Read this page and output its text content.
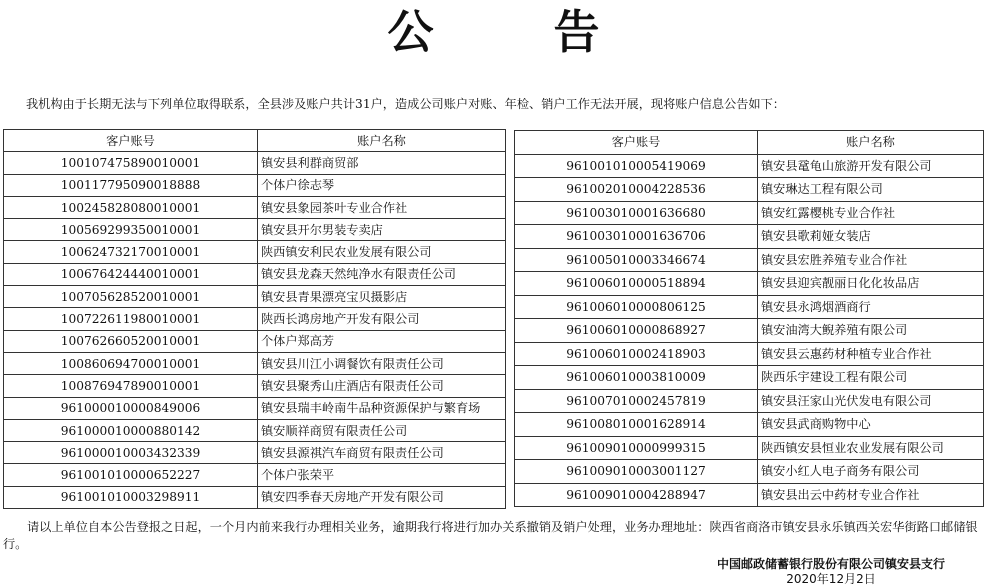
公 告
我机构由于长期无法与下列单位取得联系，全县涉及账户共计31户，造成公司账户对账、年检、销户工作无法开展，现将账户信息公告如下：
客户账号	账户名称
100107475890010001	镇安县利群商贸部
100117795090018888	个体户徐志琴
100245828080010001	镇安县象园茶叶专业合作社
100569299350010001	镇安县开尔男装专卖店
100624732170010001	陕西镇安利民农业发展有限公司
100676424440010001	镇安县龙森天然纯净水有限责任公司
100705628520010001	镇安县青果漂亮宝贝摄影店
100722611980010001	陕西长鸿房地产开发有限公司
100762660520010001	个体户郑高芳
100860694700010001	镇安县川江小调餐饮有限责任公司
100876947890010001	镇安县聚秀山庄酒店有限责任公司
961000010000849006	镇安县瑞丰岭南牛品种资源保护与繁育场
961000010000880142	镇安顺祥商贸有限责任公司
961000010003432339	镇安县源祺汽车商贸有限责任公司
961001010000652227	个体户张荣平
961001010003298911	镇安四季春天房地产开发有限公司
客户账号	账户名称
961001010005419069	镇安县鼋龟山旅游开发有限公司
961002010004228536	镇安琳达工程有限公司
961003010001636680	镇安红露樱桃专业合作社
961003010001636706	镇安县歌莉娅女装店
961005010003346674	镇安县宏胜养殖专业合作社
961006010000518894	镇安县迎宾靓丽日化化妆品店
961006010000806125	镇安县永鸿烟酒商行
961006010000868927	镇安油湾大鲵养殖有限公司
961006010002418903	镇安县云惠药材种植专业合作社
961006010003810009	陕西乐宇建设工程有限公司
961007010002457819	镇安县汪家山光伏发电有限公司
961008010001628914	镇安县武商购物中心
961009010000999315	陕西镇安县恒业农业发展有限公司
961009010003001127	镇安小红人电子商务有限公司
961009010004288947	镇安县出云中药材专业合作社
请以上单位自本公告登报之日起，一个月内前来我行办理相关业务，逾期我行将进行加办关系撤销及销户处理，业务办理地址：陕西省商洛市镇安县永乐镇西关宏华街路口邮储银行。
中国邮政储蓄银行股份有限公司镇安县支行
2020年12月2日
